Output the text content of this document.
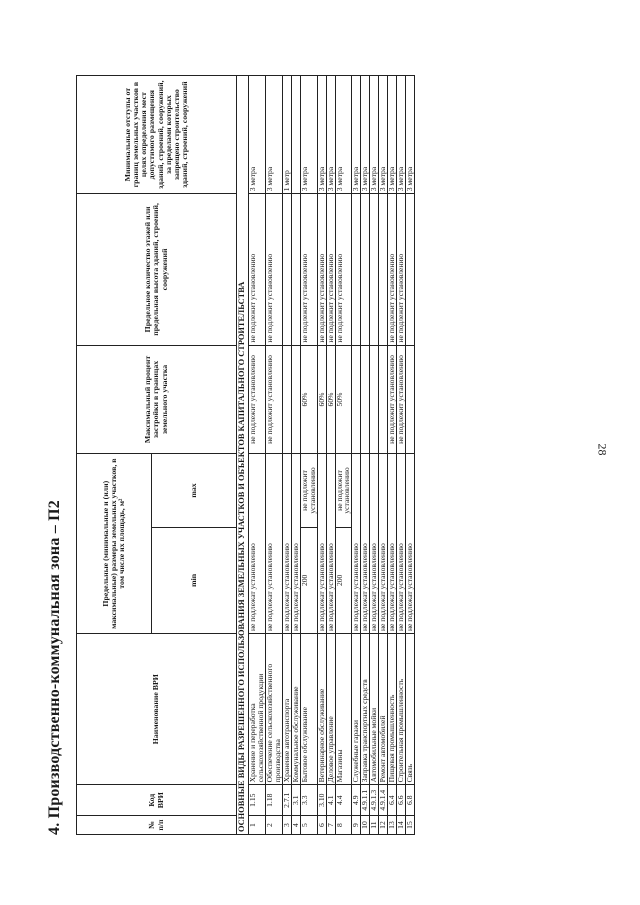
28
4. Производственно-коммунальная зона – П2	№ п/п	Код ВРИ	Наименование ВРИ	Предельные (минимальные и (или) максимальные) размеры земельных участков, в том числе их площадь, м²		Максимальный процент застройки в границах земельного участка	Предельное количество этажей или предельная высота зданий, строений, сооружений	Минимальные отступы от границ земельных участков в целях определения мест допустимого размещения зданий, строений, сооружений, за пределами которых запрещено строительство зданий, строений, сооружений
			min	max			
ОСНОВНЫЕ ВИДЫ РАЗРЕШЕННОГО ИСПОЛЬЗОВАНИЯ ЗЕМЕЛЬНЫХ УЧАСТКОВ И ОБЪЕКТОВ КАПИТАЛЬНОГО СТРОИТЕЛЬСТВА							
1	1.15	Хранение и переработка сельскохозяйственной продукции	не подлежат установлению		не подлежит установлению	не подлежит установлению	3 метра
2	1.18	Обеспечение сельскохозяйственного производства	не подлежат установлению		не подлежит установлению	не подлежит установлению	3 метра
3	2.7.1	Хранение автотранспорта	не подлежат установлению				1 метр
4	3.1	Коммунальное обслуживание	не подлежат установлению				
5	3.3	Бытовое обслуживание	200	не подлежит установлению	60%	не подлежит установлению	3 метра
6	3.10	Ветеринарное обслуживание	не подлежат установлению		60%	не подлежит установлению	3 метра
7	4.1	Деловое управление	не подлежат установлению		60%	не подлежит установлению	3 метра
8	4.4	Магазины	200	не подлежит установлению	50%	не подлежит установлению	3 метра
9	4.9	Служебные гаражи	не подлежат установлению				3 метра
10	4.9.1.1	Заправка транспортных средств	не подлежат установлению				3 метра
11	4.9.1.3	Автомобильные мойки	не подлежат установлению				3 метра
12	4.9.1.4	Ремонт автомобилей	не подлежат установлению				3 метра
13	6.4	Пищевая промышленность	не подлежат установлению		не подлежит установлению	не подлежит установлению	3 метра
14	6.6	Строительная промышленность	не подлежат установлению		не подлежит установлению	не подлежит установлению	3 метра
15	6.8	Связь	не подлежат установлению				3 метра
